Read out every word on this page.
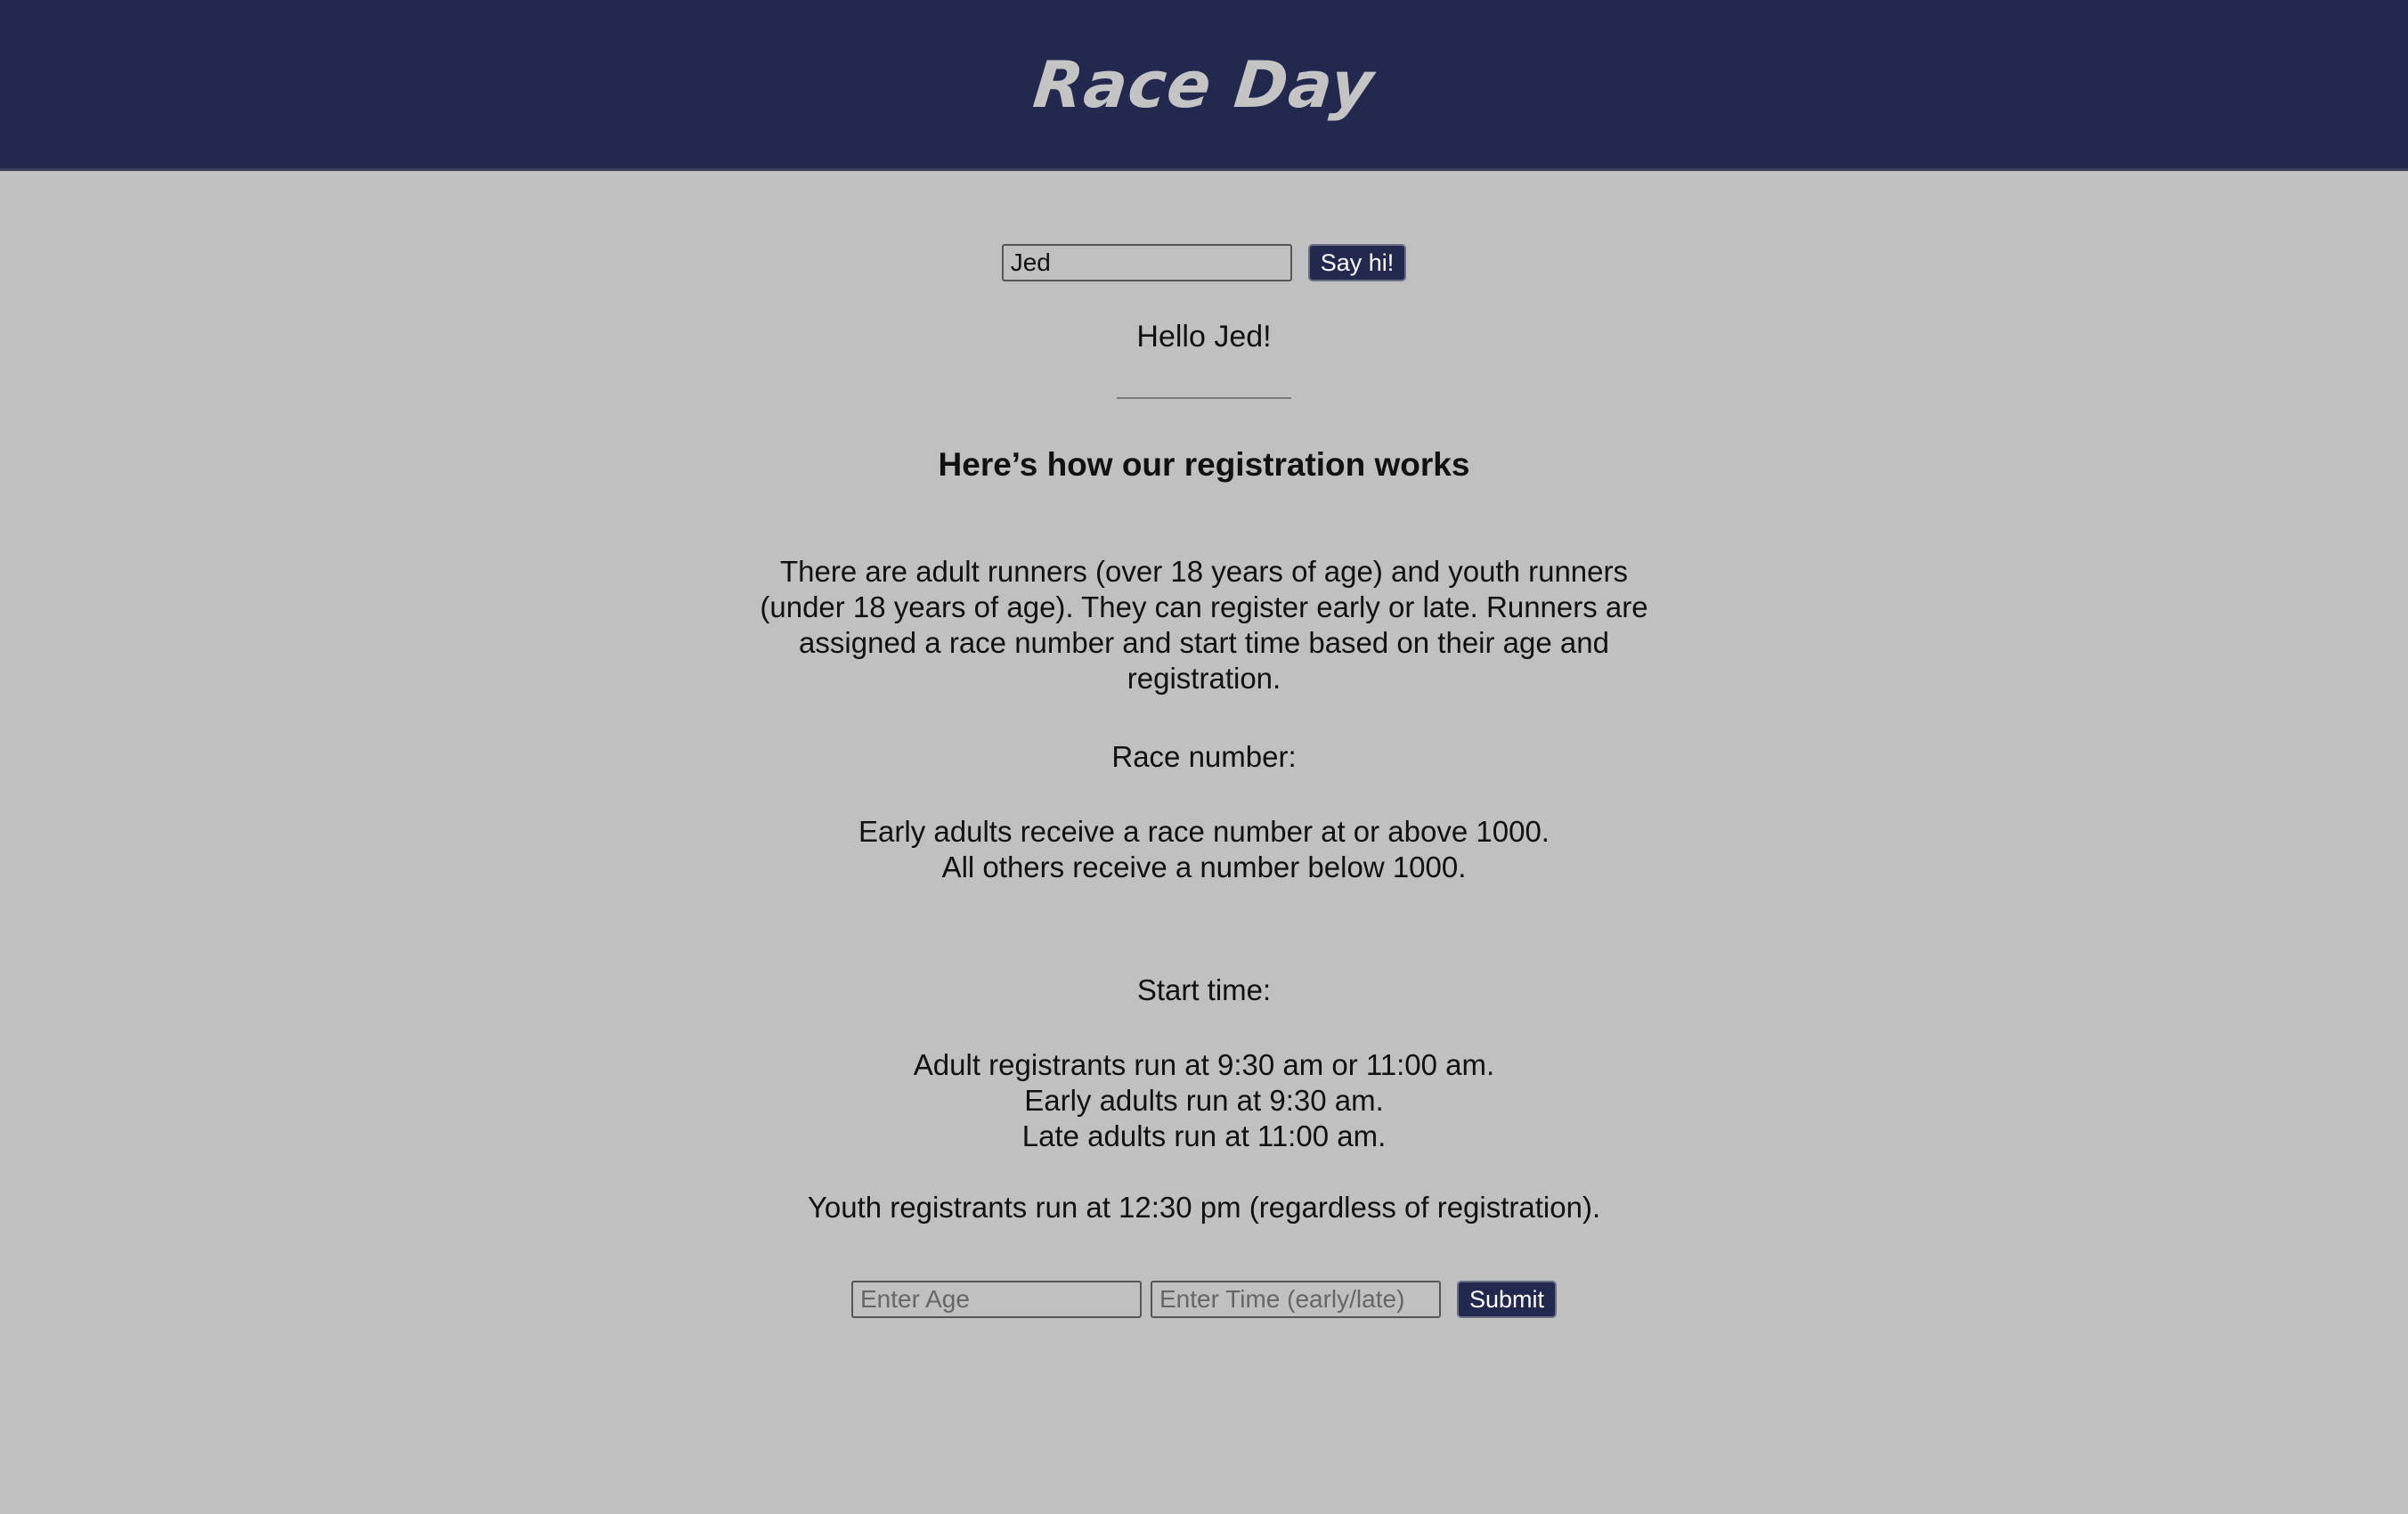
Race Day
Jed
Say hi!
Hello Jed!
Here’s how our registration works

There are adult runners (over 18 years of age) and youth runners (under 18 years of age). They can register early or late. Runners are assigned a race number and start time based on their age and registration.

Race number:

Early adults receive a race number at or above 1000.
All others receive a number below 1000.

Start time:

Adult registrants run at 9:30 am or 11:00 am.
Early adults run at 9:30 am.
Late adults run at 11:00 am.

Youth registrants run at 12:30 pm (regardless of registration).

Enter Age
Enter Time (early/late)
Submit
